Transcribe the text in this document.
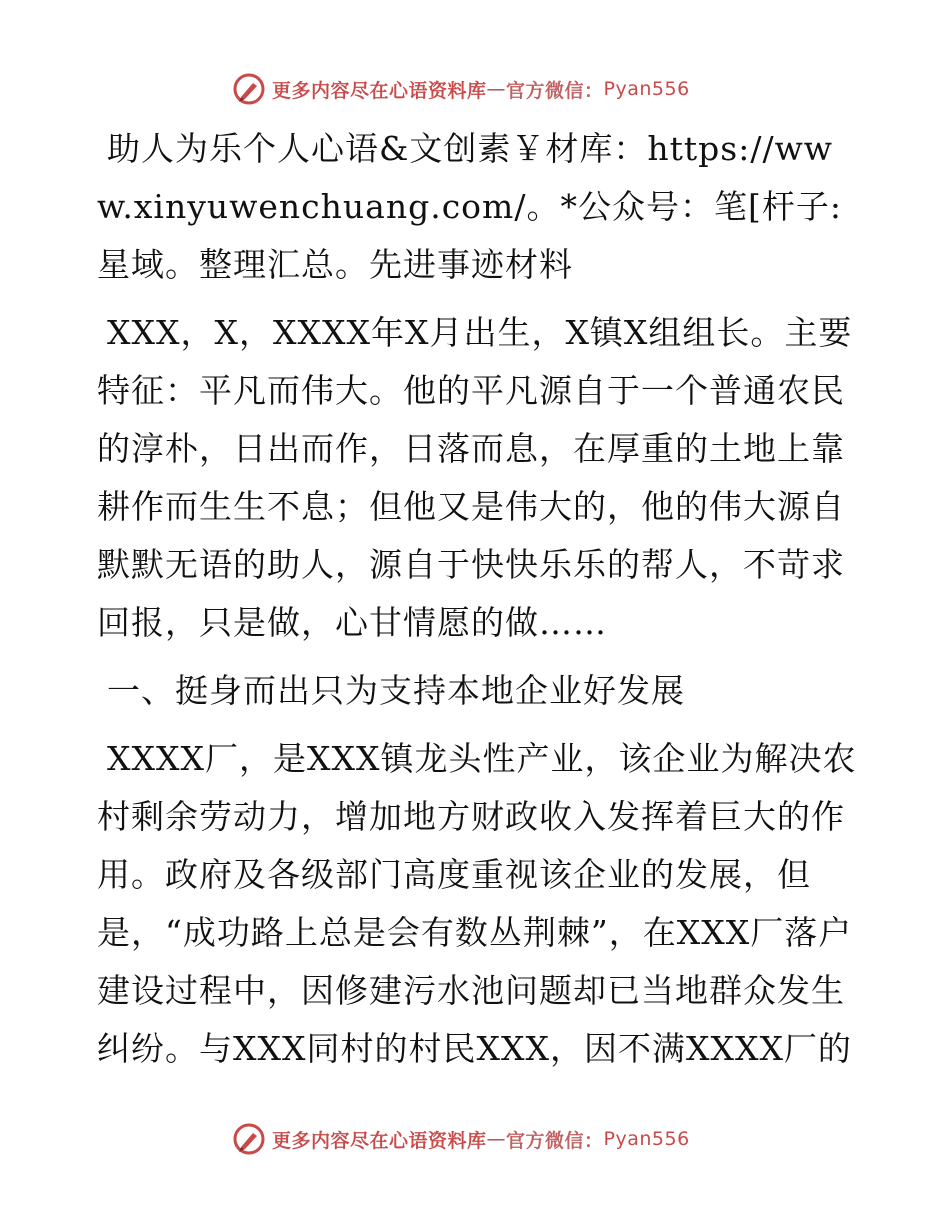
更多内容尽在心语资料库 — 官方微信： Pyan556

助人为乐个人心语&文创素￥材库：https://www.xinyuwenchuang.com/。*公众号：笔[杆子:星域。整理汇总。先进事迹材料

XXX，X，XXXX年X月出生，X镇X组组长。主要特征：平凡而伟大。他的平凡源自于一个普通农民的淳朴，日出而作，日落而息，在厚重的土地上靠耕作而生生不息；但他又是伟大的，他的伟大源自默默无语的助人，源自于快快乐乐的帮人，不苛求回报，只是做，心甘情愿的做……

一、挺身而出只为支持本地企业好发展

XXXX厂，是XXX镇龙头性产业，该企业为解决农村剩余劳动力，增加地方财政收入发挥着巨大的作用。政府及各级部门高度重视该企业的发展，但是，“成功路上总是会有数丛荆棘”，在XXX厂落户建设过程中，因修建污水池问题却已当地群众发生纠纷。与XXX同村的村民XXX，因不满XXXX厂的

更多内容尽在心语资料库 — 官方微信： Pyan556
